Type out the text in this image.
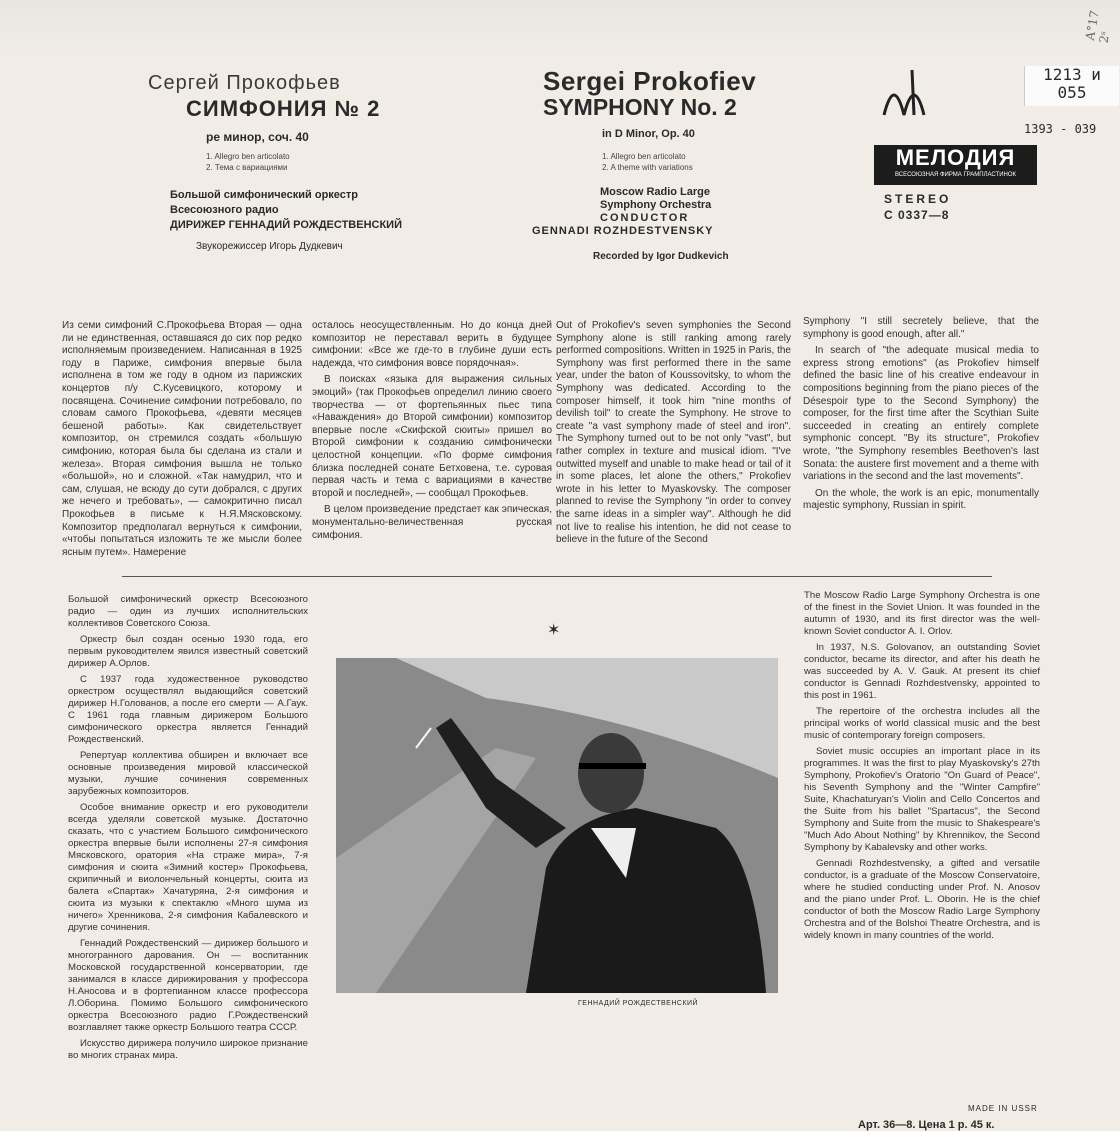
А°17 2ˢ
Сергей Прокофьев
СИМФОНИЯ № 2
ре минор, соч. 40
1. Allegro ben articolato
2. Тема с вариациями
Большой симфонический оркестр
Всесоюзного радио
ДИРИЖЕР ГЕННАДИЙ РОЖДЕСТВЕНСКИЙ
Звукорежиссер Игорь Дудкевич
Sergei Prokofiev
SYMPHONY No. 2
in D Minor, Op. 40
1. Allegro ben articolato
2. A theme with variations
Moscow Radio Large
Symphony Orchestra
CONDUCTOR
GENNADI ROZHDESTVENSKY
Recorded by Igor Dudkevich
1213 и
055
1393 - 039
МЕЛОДИЯ
ВСЕСОЮЗНАЯ ФИРМА ГРАМПЛАСТИНОК
STEREO
С 0337—8

Из семи симфоний С.Прокофьева Вторая — одна ли не единственная, оставшаяся до сих пор редко исполняемым произведением. Написанная в 1925 году в Париже, симфония впервые была исполнена в том же году в одном из парижских концертов п/у С.Кусевицкого, которому и посвящена. Сочинение симфонии потребовало, по словам самого Прокофьева, «девяти месяцев бешеной работы». Как свидетельствует композитор, он стремился создать «большую симфонию, которая была бы сделана из стали и железа». Вторая симфония вышла не только «большой», но и сложной. «Так намудрил, что и сам, слушая, не всюду до сути добрался, с других же нечего и требовать», — самокритично писал Прокофьев в письме к Н.Я.Мясковскому. Композитор предполагал вернуться к симфонии, «чтобы попытаться изложить те же мысли более ясным путем». Намерение

осталось неосуществленным. Но до конца дней композитор не переставал верить в будущее симфонии: «Все же где-то в глубине души есть надежда, что симфония вовсе порядочная».

В поисках «языка для выражения сильных эмоций» (так Прокофьев определил линию своего творчества — от фортепьянных пьес типа «Наваждения» до Второй симфонии) композитор впервые после «Скифской сюиты» пришел во Второй симфонии к созданию симфонически целостной концепции. «По форме симфония близка последней сонате Бетховена, т.е. суровая первая часть и тема с вариациями в качестве второй и последней», — сообщал Прокофьев.

В целом произведение предстает как эпическая, монументально-величественная русская симфония.

Out of Prokofiev's seven symphonies the Second Symphony alone is still ranking among rarely performed compositions. Written in 1925 in Paris, the Symphony was first performed there in the same year, under the baton of Koussovitsky, to whom the Symphony was dedicated. According to the composer himself, it took him "nine months of devilish toil" to create the Symphony. He strove to create "a vast symphony made of steel and iron". The Symphony turned out to be not only "vast", but rather complex in texture and musical idiom. "I've outwitted myself and unable to make head or tail of it in some places, let alone the others," Prokofiev wrote in his letter to Myaskovsky. The composer planned to revise the Symphony "in order to convey the same ideas in a simpler way". Although he did not live to realise his intention, he did not cease to believe in the future of the Second

Symphony "I still secretely believe, that the symphony is good enough, after all."

In search of "the adequate musical media to express strong emotions" (as Prokofiev himself defined the basic line of his creative endeavour in compositions beginning from the piano pieces of the Désespoir type to the Second Symphony) the composer, for the first time after the Scythian Suite succeeded in creating an entirely complete symphonic concept. "By its structure", Prokofiev wrote, "the Symphony resembles Beethoven's last Sonata: the austere first movement and a theme with variations in the second and the last movements".

On the whole, the work is an epic, monumentally majestic symphony, Russian in spirit.

Большой симфонический оркестр Всесоюзного радио — один из лучших исполнительских коллективов Советского Союза.

Оркестр был создан осенью 1930 года, его первым руководителем явился известный советский дирижер А.Орлов.

С 1937 года художественное руководство оркестром осуществлял выдающийся советский дирижер Н.Голованов, а после его смерти — А.Гаук. С 1961 года главным дирижером Большого симфонического оркестра является Геннадий Рождественский.

Репертуар коллектива обширен и включает все основные произведения мировой классической музыки, лучшие сочинения современных зарубежных композиторов.

Особое внимание оркестр и его руководители всегда уделяли советской музыке. Достаточно сказать, что с участием Большого симфонического оркестра впервые были исполнены 27-я симфония Мясковского, оратория «На страже мира», 7-я симфония и сюита «Зимний костер» Прокофьева, скрипичный и виолончельный концерты, сюита из балета «Спартак» Хачатуряна, 2-я симфония и сюита из музыки к спектаклю «Много шума из ничего» Хренникова, 2-я симфония Кабалевского и другие сочинения.

Геннадий Рождественский — дирижер большого и многогранного дарования. Он — воспитанник Московской государственной консерватории, где занимался в классе дирижирования у профессора Н.Аносова и в фортепианном классе профессора Л.Оборина. Помимо Большого симфонического оркестра Всесоюзного радио Г.Рождественский возглавляет также оркестр Большого театра СССР.

Искусство дирижера получило широкое признание во многих странах мира.

✶
ГЕННАДИЙ РОЖДЕСТВЕНСКИЙ

The Moscow Radio Large Symphony Orchestra is one of the finest in the Soviet Union. It was founded in the autumn of 1930, and its first director was the well-known Soviet conductor A. I. Orlov.

In 1937, N.S. Golovanov, an outstanding Soviet conductor, became its director, and after his death he was succeeded by A. V. Gauk. At present its chief conductor is Gennadi Rozhdestvensky, appointed to this post in 1961.

The repertoire of the orchestra includes all the principal works of world classical music and the best music of contemporary foreign composers.

Soviet music occupies an important place in its programmes. It was the first to play Myaskovsky's 27th Symphony, Prokofiev's Oratorio "On Guard of Peace", his Seventh Symphony and the "Winter Campfire" Suite, Khachaturyan's Violin and Cello Concertos and the Suite from his ballet "Spartacus", the Second Symphony and Suite from the music to Shakespeare's "Much Ado About Nothing" by Khrennikov, the Second Symphony by Kabalevsky and other works.

Gennadi Rozhdestvensky, a gifted and versatile conductor, is a graduate of the Moscow Conservatoire, where he studied conducting under Prof. N. Anosov and the piano under Prof. L. Oborin. He is the chief conductor of both the Moscow Radio Large Symphony Orchestra and of the Bolshoi Theatre Orchestra, and is widely known in many countries of the world.

MADE IN USSR
Арт. 36—8. Цена 1 р. 45 к.
